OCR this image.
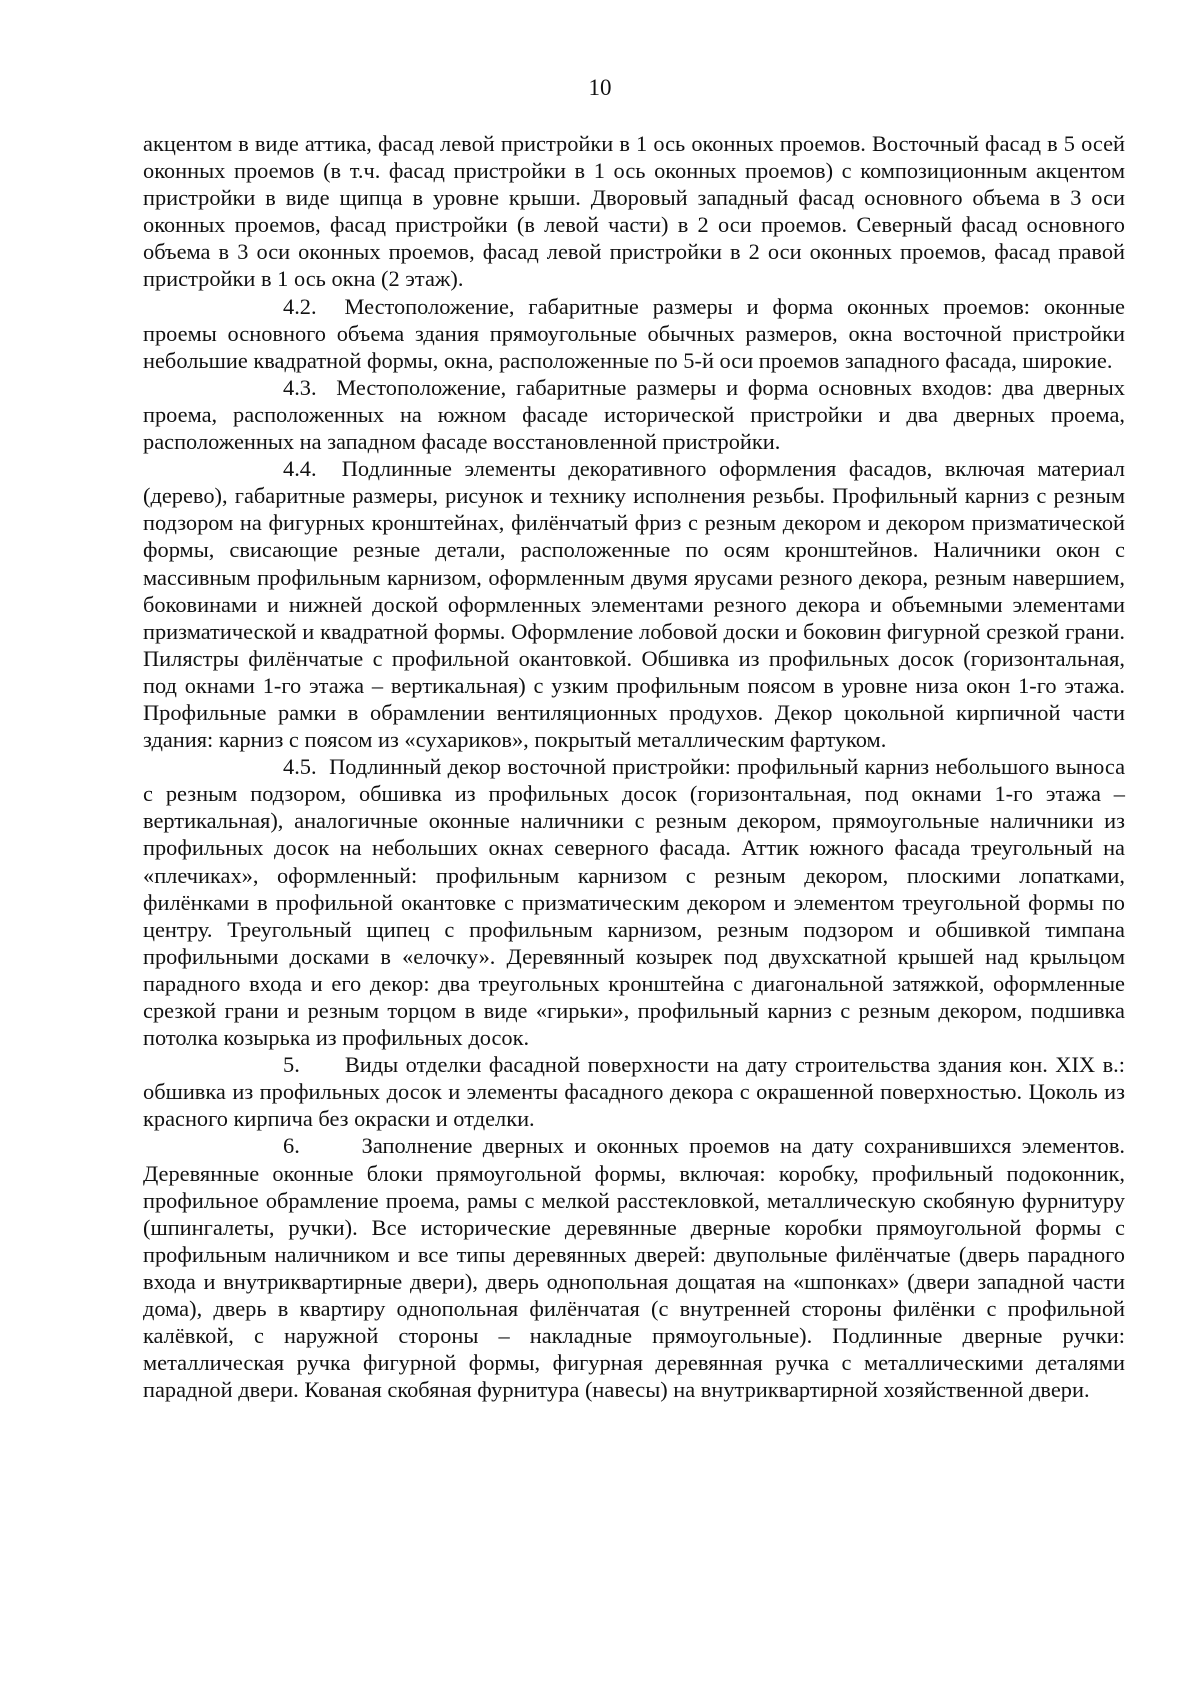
10

акцентом в виде аттика, фасад левой пристройки в 1 ось оконных проемов. Восточный фасад в 5 осей оконных проемов (в т.ч. фасад пристройки в 1 ось оконных проемов) с композиционным акцентом пристройки в виде щипца в уровне крыши. Дворовый западный фасад основного объема в 3 оси оконных проемов, фасад пристройки (в левой части) в 2 оси проемов. Северный фасад основного объема в 3 оси оконных проемов, фасад левой пристройки в 2 оси оконных проемов, фасад правой пристройки в 1 ось окна (2 этаж).

4.2. Местоположение, габаритные размеры и форма оконных проемов: оконные проемы основного объема здания прямоугольные обычных размеров, окна восточной пристройки небольшие квадратной формы, окна, расположенные по 5-й оси проемов западного фасада, широкие.

4.3. Местоположение, габаритные размеры и форма основных входов: два дверных проема, расположенных на южном фасаде исторической пристройки и два дверных проема, расположенных на западном фасаде восстановленной пристройки.

4.4. Подлинные элементы декоративного оформления фасадов, включая материал (дерево), габаритные размеры, рисунок и технику исполнения резьбы. Профильный карниз с резным подзором на фигурных кронштейнах, филёнчатый фриз с резным декором и декором призматической формы, свисающие резные детали, расположенные по осям кронштейнов. Наличники окон с массивным профильным карнизом, оформленным двумя ярусами резного декора, резным навершием, боковинами и нижней доской оформленных элементами резного декора и объемными элементами призматической и квадратной формы. Оформление лобовой доски и боковин фигурной срезкой грани. Пилястры филёнчатые с профильной окантовкой. Обшивка из профильных досок (горизонтальная, под окнами 1-го этажа – вертикальная) с узким профильным поясом в уровне низа окон 1-го этажа. Профильные рамки в обрамлении вентиляционных продухов. Декор цокольной кирпичной части здания: карниз с поясом из «сухариков», покрытый металлическим фартуком.

4.5. Подлинный декор восточной пристройки: профильный карниз небольшого выноса с резным подзором, обшивка из профильных досок (горизонтальная, под окнами 1-го этажа – вертикальная), аналогичные оконные наличники с резным декором, прямоугольные наличники из профильных досок на небольших окнах северного фасада. Аттик южного фасада треугольный на «плечиках», оформленный: профильным карнизом с резным декором, плоскими лопатками, филёнками в профильной окантовке с призматическим декором и элементом треугольной формы по центру. Треугольный щипец с профильным карнизом, резным подзором и обшивкой тимпана профильными досками в «елочку». Деревянный козырек под двухскатной крышей над крыльцом парадного входа и его декор: два треугольных кронштейна с диагональной затяжкой, оформленные срезкой грани и резным торцом в виде «гирьки», профильный карниз с резным декором, подшивка потолка козырька из профильных досок.

5. Виды отделки фасадной поверхности на дату строительства здания кон. XIX в.: обшивка из профильных досок и элементы фасадного декора с окрашенной поверхностью. Цоколь из красного кирпича без окраски и отделки.

6.	Заполнение дверных и оконных проемов на дату сохранившихся элементов. Деревянные оконные блоки прямоугольной формы, включая: коробку, профильный подоконник, профильное обрамление проема, рамы с мелкой расстекловкой, металлическую скобяную фурнитуру (шпингалеты, ручки). Все исторические деревянные дверные коробки прямоугольной формы с профильным наличником и все типы деревянных дверей: двупольные филёнчатые (дверь парадного входа и внутриквартирные двери), дверь однопольная дощатая на «шпонках» (двери западной части дома), дверь в квартиру однопольная филёнчатая (с внутренней стороны филёнки с профильной калёвкой, с наружной стороны – накладные прямоугольные). Подлинные дверные ручки: металлическая ручка фигурной формы, фигурная деревянная ручка с металлическими деталями парадной двери. Кованая скобяная фурнитура (навесы) на внутриквартирной хозяйственной двери.
